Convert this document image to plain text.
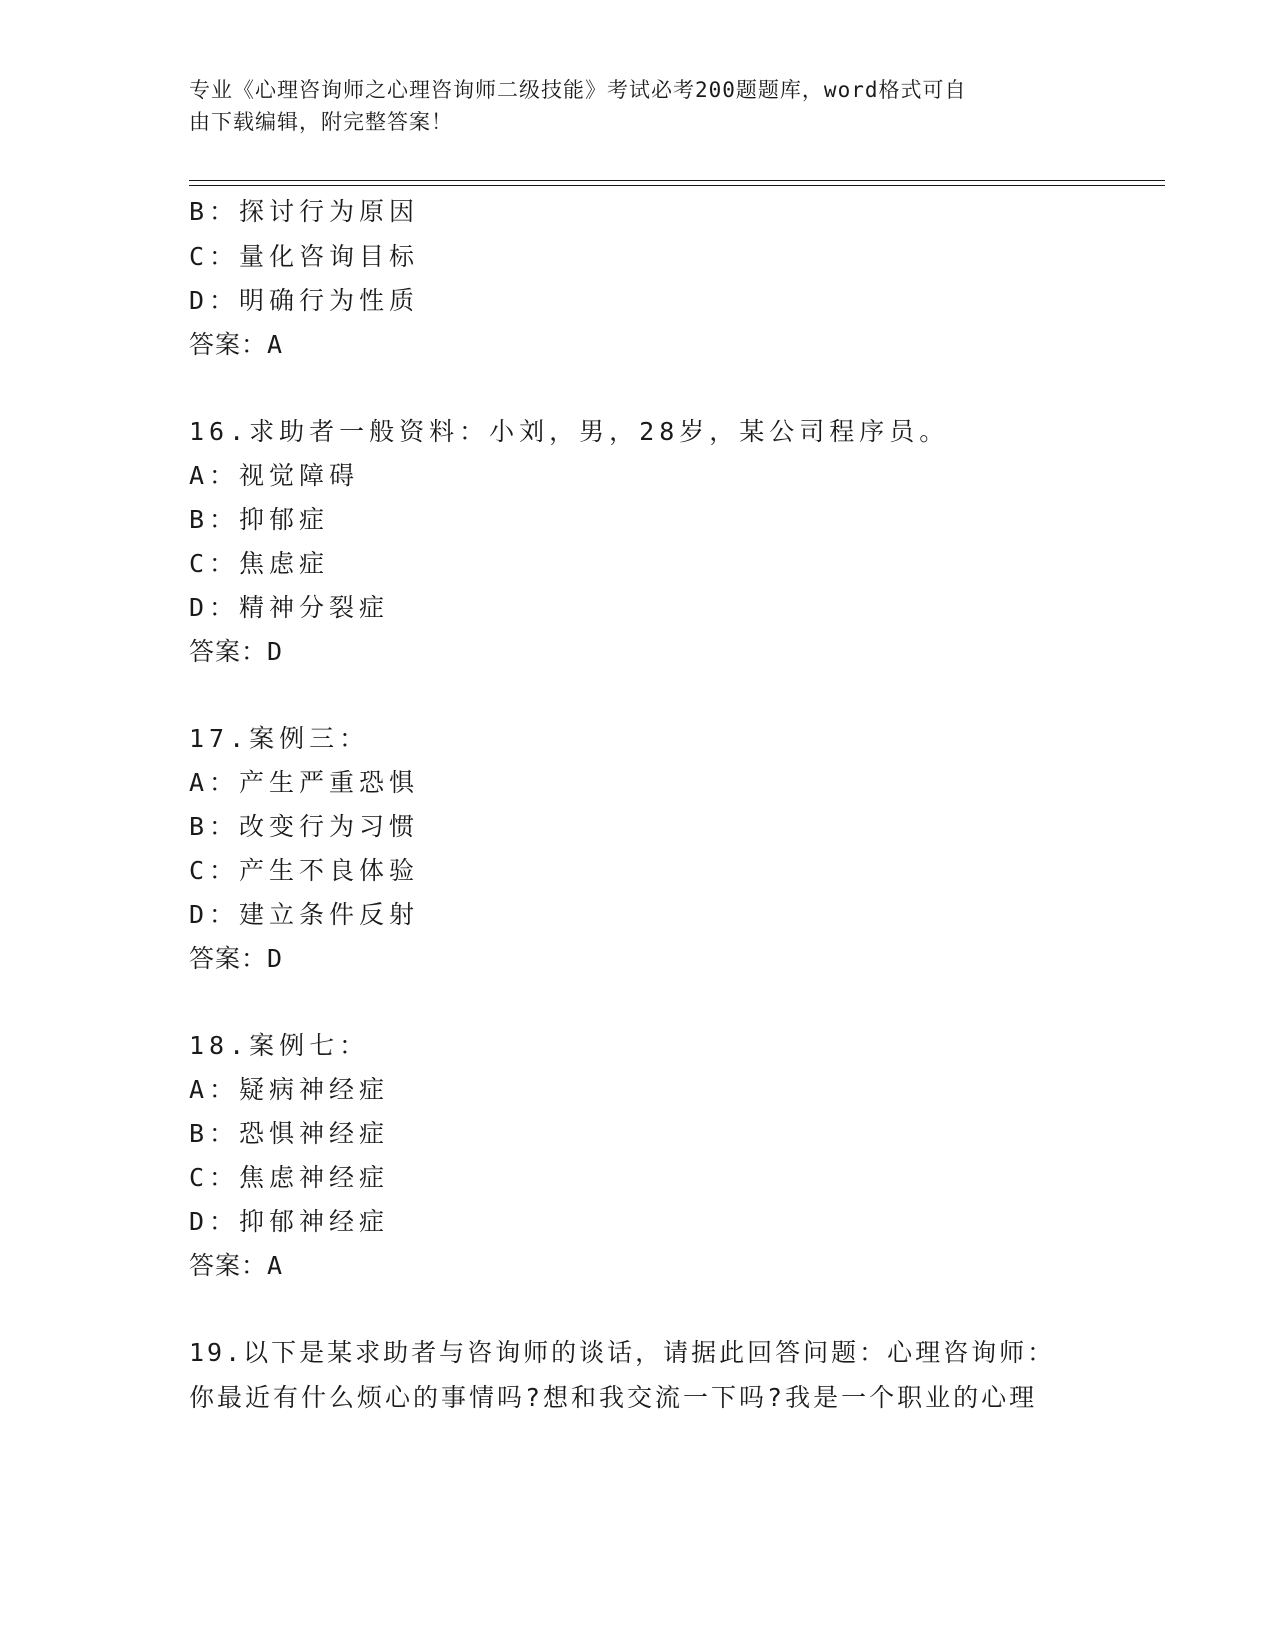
专业《心理咨询师之心理咨询师二级技能》考试必考200题题库，word格式可自
由下载编辑，附完整答案！
B：探讨行为原因
C：量化咨询目标
D：明确行为性质
答案：A
16.求助者一般资料：小刘，男，28岁，某公司程序员。
A：视觉障碍
B：抑郁症
C：焦虑症
D：精神分裂症
答案：D
17.案例三：
A：产生严重恐惧
B：改变行为习惯
C：产生不良体验
D：建立条件反射
答案：D
18.案例七：
A：疑病神经症
B：恐惧神经症
C：焦虑神经症
D：抑郁神经症
答案：A
19.以下是某求助者与咨询师的谈话，请据此回答问题：心理咨询师：
你最近有什么烦心的事情吗?想和我交流一下吗?我是一个职业的心理
